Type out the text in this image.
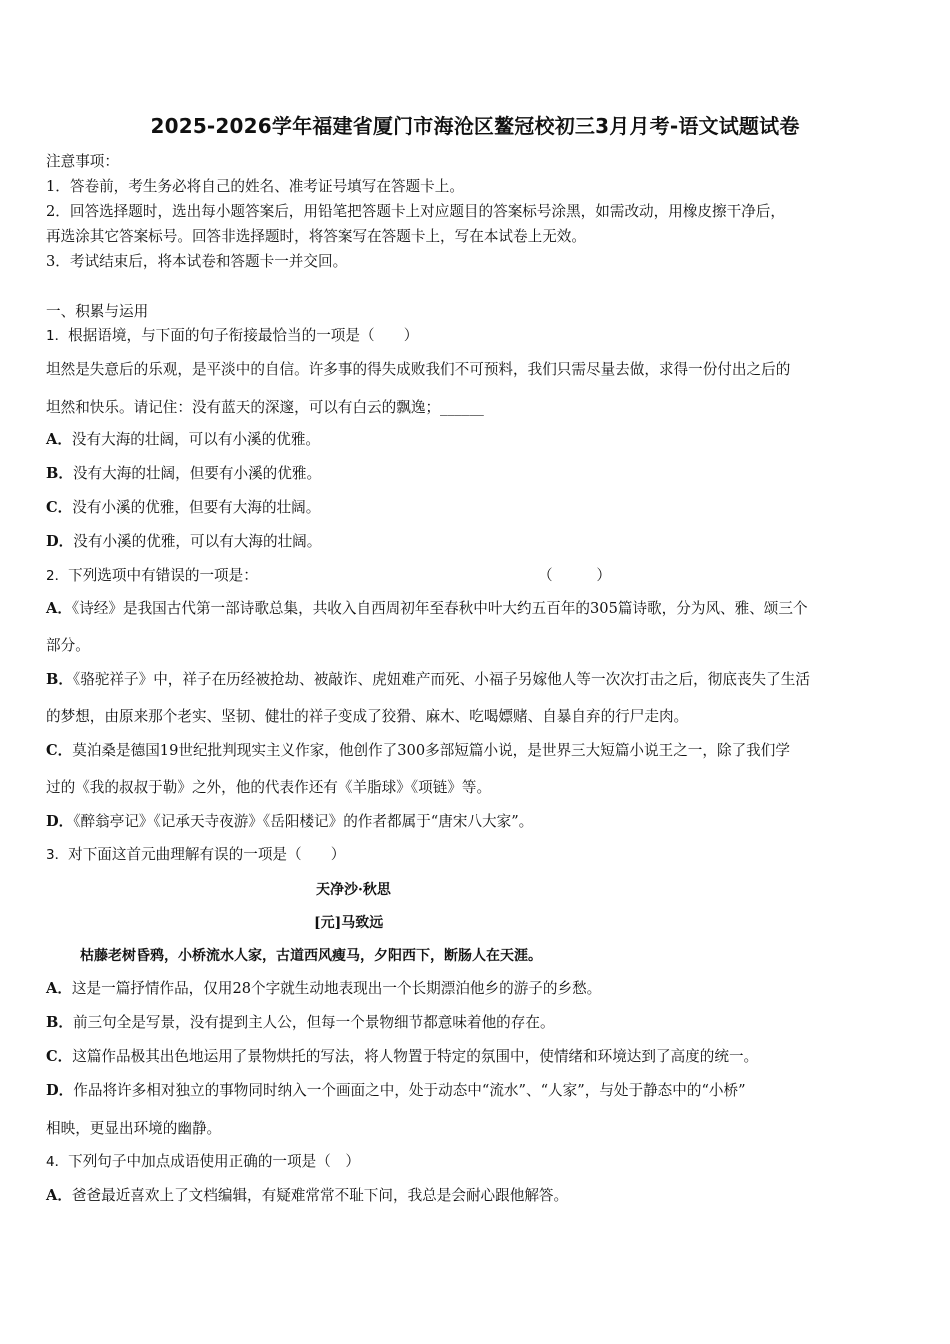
2025-2026学年福建省厦门市海沧区鳌冠校初三3月月考-语文试题试卷
注意事项：
1．答卷前，考生务必将自己的姓名、准考证号填写在答题卡上。
2．回答选择题时，选出每小题答案后，用铅笔把答题卡上对应题目的答案标号涂黑，如需改动，用橡皮擦干净后，
再选涂其它答案标号。回答非选择题时，将答案写在答题卡上，写在本试卷上无效。
3．考试结束后，将本试卷和答题卡一并交回。
一、积累与运用
1．根据语境，与下面的句子衔接最恰当的一项是（　　）
坦然是失意后的乐观，是平淡中的自信。许多事的得失成败我们不可预料，我们只需尽量去做，求得一份付出之后的
坦然和快乐。请记住：没有蓝天的深邃，可以有白云的飘逸；______
A．没有大海的壮阔，可以有小溪的优雅。
B．没有大海的壮阔，但要有小溪的优雅。
C．没有小溪的优雅，但要有大海的壮阔。
D．没有小溪的优雅，可以有大海的壮阔。
2．下列选项中有错误的一项是：	（　　　）
A．《诗经》是我国古代第一部诗歌总集，共收入自西周初年至春秋中叶大约五百年的305篇诗歌，分为风、雅、颂三个
部分。
B．《骆驼祥子》中，祥子在历经被抢劫、被敲诈、虎妞难产而死、小福子另嫁他人等一次次打击之后，彻底丧失了生活
的梦想，由原来那个老实、坚韧、健壮的祥子变成了狡猾、麻木、吃喝嫖赌、自暴自弃的行尸走肉。
C．莫泊桑是德国19世纪批判现实主义作家，他创作了300多部短篇小说，是世界三大短篇小说王之一，除了我们学
过的《我的叔叔于勒》之外，他的代表作还有《羊脂球》《项链》等。
D．《醉翁亭记》《记承天寺夜游》《岳阳楼记》的作者都属于“唐宋八大家”。
3．对下面这首元曲理解有误的一项是（　　）
天净沙·秋思
[元]马致远
枯藤老树昏鸦，小桥流水人家，古道西风瘦马，夕阳西下，断肠人在天涯。
A．这是一篇抒情作品，仅用28个字就生动地表现出一个长期漂泊他乡的游子的乡愁。
B．前三句全是写景，没有提到主人公，但每一个景物细节都意味着他的存在。
C．这篇作品极其出色地运用了景物烘托的写法，将人物置于特定的氛围中，使情绪和环境达到了高度的统一。
D．作品将许多相对独立的事物同时纳入一个画面之中，处于动态中“流水”、“人家”，与处于静态中的“小桥”
相映，更显出环境的幽静。
4．下列句子中加点成语使用正确的一项是（　）
A．爸爸最近喜欢上了文档编辑，有疑难常常不耻下问，我总是会耐心跟他解答。
